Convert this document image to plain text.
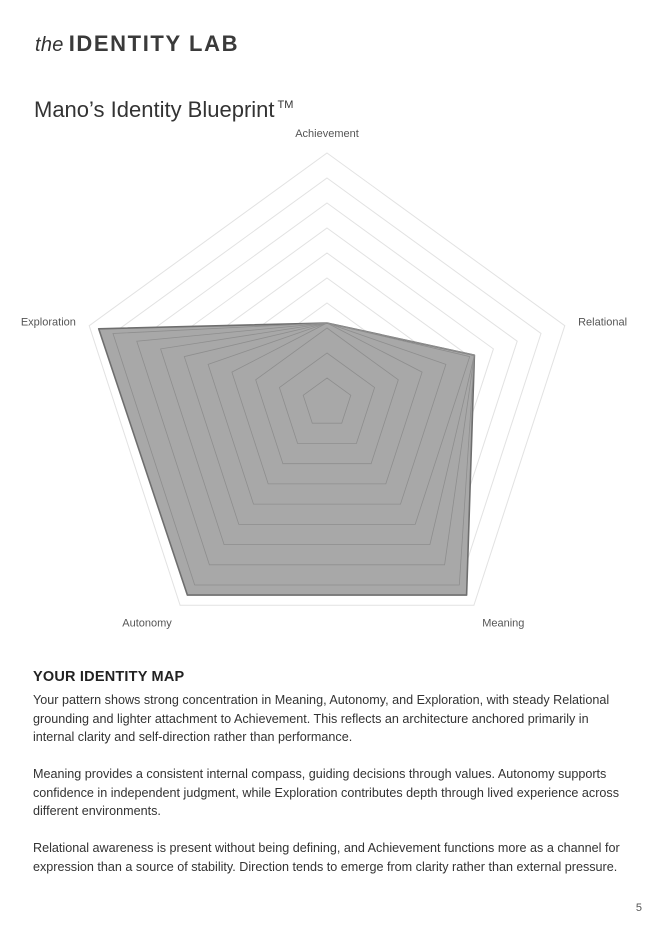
the IDENTITY LAB
Mano’s Identity Blueprint ™
Achievement
Relational
Meaning
Autonomy
Exploration
YOUR IDENTITY MAP

Your pattern shows strong concentration in Meaning, Autonomy, and Exploration, with steady Relational grounding and lighter attachment to Achievement. This reflects an architecture anchored primarily in internal clarity and self-direction rather than performance.

Meaning provides a consistent internal compass, guiding decisions through values. Autonomy supports confidence in independent judgment, while Exploration contributes depth through lived experience across different environments.

Relational awareness is present without being defining, and Achievement functions more as a channel for expression than a source of stability. Direction tends to emerge from clarity rather than external pressure.

5
